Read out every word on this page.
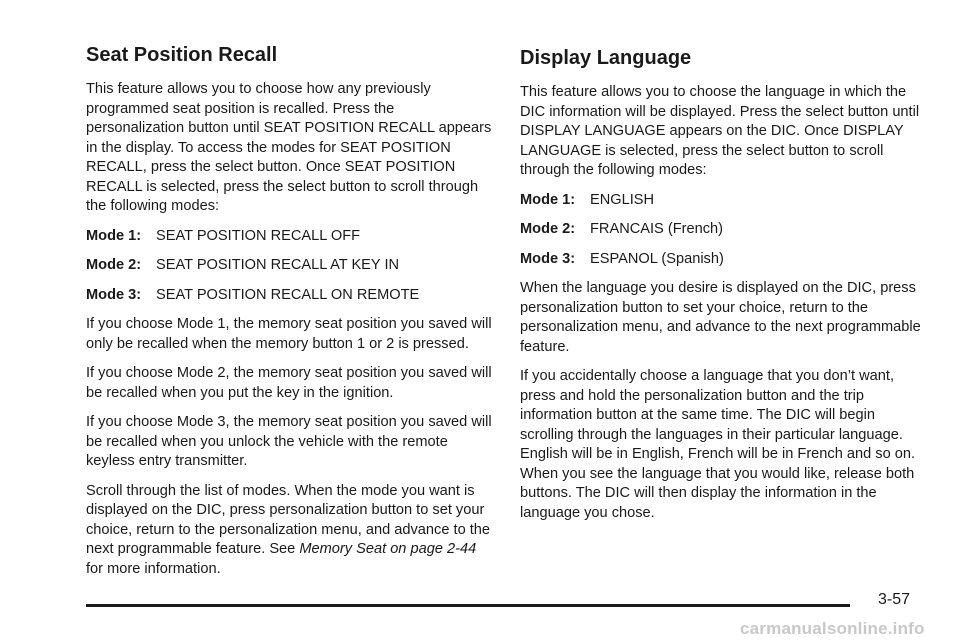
Seat Position Recall

This feature allows you to choose how any previously programmed seat position is recalled. Press the personalization button until SEAT POSITION RECALL appears in the display. To access the modes for SEAT POSITION RECALL, press the select button. Once SEAT POSITION RECALL is selected, press the select button to scroll through the following modes:

Mode 1: SEAT POSITION RECALL OFF
Mode 2: SEAT POSITION RECALL AT KEY IN
Mode 3: SEAT POSITION RECALL ON REMOTE

If you choose Mode 1, the memory seat position you saved will only be recalled when the memory button 1 or 2 is pressed.

If you choose Mode 2, the memory seat position you saved will be recalled when you put the key in the ignition.

If you choose Mode 3, the memory seat position you saved will be recalled when you unlock the vehicle with the remote keyless entry transmitter.

Scroll through the list of modes. When the mode you want is displayed on the DIC, press personalization button to set your choice, return to the personalization menu, and advance to the next programmable feature. See Memory Seat on page 2-44 for more information.

Display Language

This feature allows you to choose the language in which the DIC information will be displayed. Press the select button until DISPLAY LANGUAGE appears on the DIC. Once DISPLAY LANGUAGE is selected, press the select button to scroll through the following modes:

Mode 1: ENGLISH
Mode 2: FRANCAIS (French)
Mode 3: ESPANOL (Spanish)

When the language you desire is displayed on the DIC, press personalization button to set your choice, return to the personalization menu, and advance to the next programmable feature.

If you accidentally choose a language that you don’t want, press and hold the personalization button and the trip information button at the same time. The DIC will begin scrolling through the languages in their particular language. English will be in English, French will be in French and so on. When you see the language that you would like, release both buttons. The DIC will then display the information in the language you chose.

3-57
carmanualsonline.info
